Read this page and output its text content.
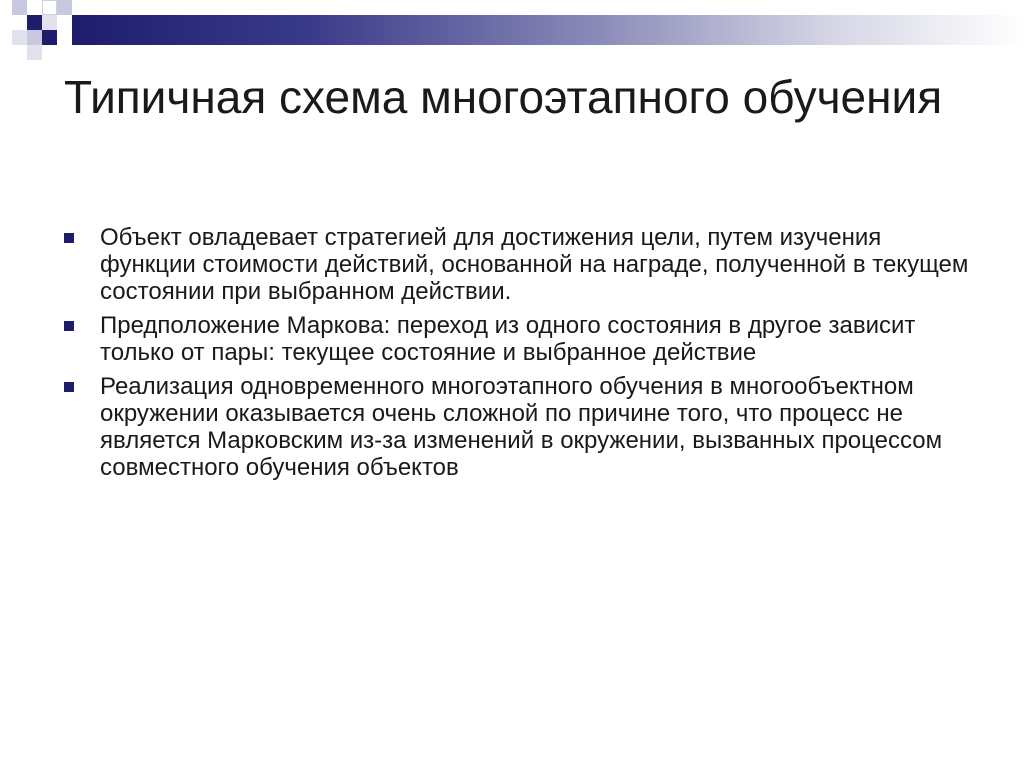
Типичная схема многоэтапного обучения
Объект овладевает стратегией для достижения цели, путем изучения функции стоимости действий, основанной на награде, полученной в текущем состоянии при выбранном действии.
Предположение Маркова: переход из одного состояния в другое зависит только от пары: текущее состояние и выбранное действие
Реализация одновременного многоэтапного обучения в многообъектном окружении оказывается очень сложной по причине того, что процесс не является Марковским из-за изменений в окружении, вызванных процессом совместного обучения объектов
